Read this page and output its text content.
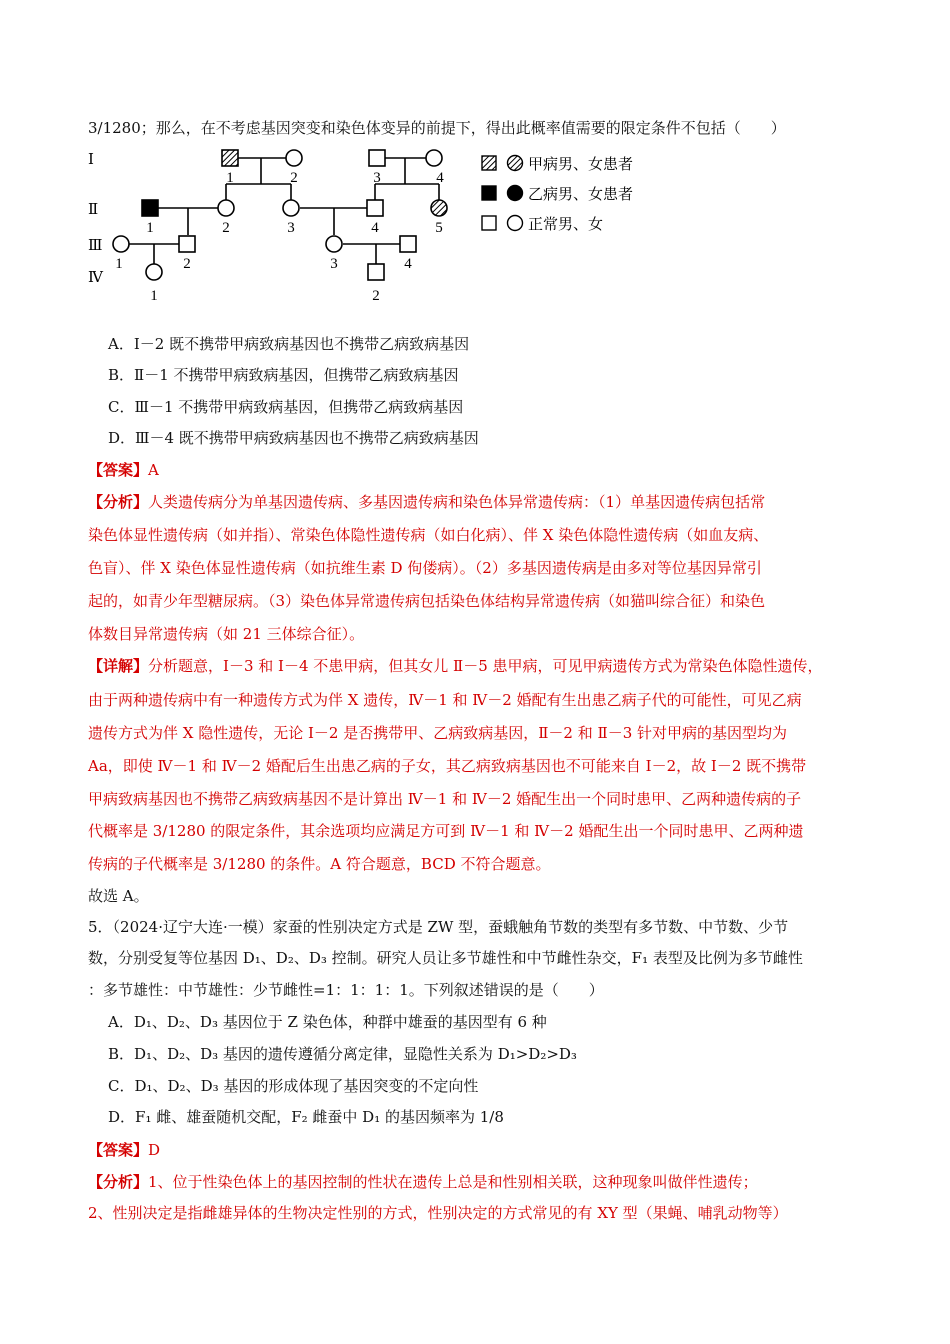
3/1280；那么，在不考虑基因突变和染色体变异的前提下，得出此概率值需要的限定条件不包括（　　）
Ⅰ
Ⅱ
Ⅲ
Ⅳ
1	2	3	4
1	2	3	4	5
1	2	3	4
1	2
甲病男、女患者
乙病男、女患者
正常男、女
A．Ⅰ－2 既不携带甲病致病基因也不携带乙病致病基因
B．Ⅱ－1 不携带甲病致病基因，但携带乙病致病基因
C．Ⅲ－1 不携带甲病致病基因，但携带乙病致病基因
D．Ⅲ－4 既不携带甲病致病基因也不携带乙病致病基因
【答案】A
【分析】人类遗传病分为单基因遗传病、多基因遗传病和染色体异常遗传病：（1）单基因遗传病包括常
染色体显性遗传病（如并指）、常染色体隐性遗传病（如白化病）、伴 X 染色体隐性遗传病（如血友病、
色盲）、伴 X 染色体显性遗传病（如抗维生素 D 佝偻病）。（2）多基因遗传病是由多对等位基因异常引
起的，如青少年型糖尿病。（3）染色体异常遗传病包括染色体结构异常遗传病（如猫叫综合征）和染色
体数目异常遗传病（如 21 三体综合征）。
【详解】分析题意，Ⅰ－3 和 Ⅰ－4 不患甲病，但其女儿 Ⅱ－5 患甲病，可见甲病遗传方式为常染色体隐性遗传，
由于两种遗传病中有一种遗传方式为伴 X 遗传，Ⅳ－1 和 Ⅳ－2 婚配有生出患乙病子代的可能性，可见乙病
遗传方式为伴 X 隐性遗传，无论 Ⅰ－2 是否携带甲、乙病致病基因，Ⅱ－2 和 Ⅱ－3 针对甲病的基因型均为
Aa，即使 Ⅳ－1 和 Ⅳ－2 婚配后生出患乙病的子女，其乙病致病基因也不可能来自 Ⅰ－2，故 Ⅰ－2 既不携带
甲病致病基因也不携带乙病致病基因不是计算出 Ⅳ－1 和 Ⅳ－2 婚配生出一个同时患甲、乙两种遗传病的子
代概率是 3/1280 的限定条件，其余选项均应满足方可到 Ⅳ－1 和 Ⅳ－2 婚配生出一个同时患甲、乙两种遗
传病的子代概率是 3/1280 的条件。A 符合题意，BCD 不符合题意。
故选 A。
5．（2024·辽宁大连·一模）家蚕的性别决定方式是 ZW 型，蚕蛾触角节数的类型有多节数、中节数、少节
数，分别受复等位基因 D₁、D₂、D₃ 控制。研究人员让多节雄性和中节雌性杂交，F₁ 表型及比例为多节雌性
：多节雄性：中节雄性：少节雌性=1：1：1：1。下列叙述错误的是（　　）
A．D₁、D₂、D₃ 基因位于 Z 染色体，种群中雄蚕的基因型有 6 种
B．D₁、D₂、D₃ 基因的遗传遵循分离定律，显隐性关系为 D₁>D₂>D₃
C．D₁、D₂、D₃ 基因的形成体现了基因突变的不定向性
D．F₁ 雌、雄蚕随机交配，F₂ 雌蚕中 D₁ 的基因频率为 1/8
【答案】D
【分析】1、位于性染色体上的基因控制的性状在遗传上总是和性别相关联，这种现象叫做伴性遗传；
2、性别决定是指雌雄异体的生物决定性别的方式，性别决定的方式常见的有 XY 型（果蝇、哺乳动物等）
